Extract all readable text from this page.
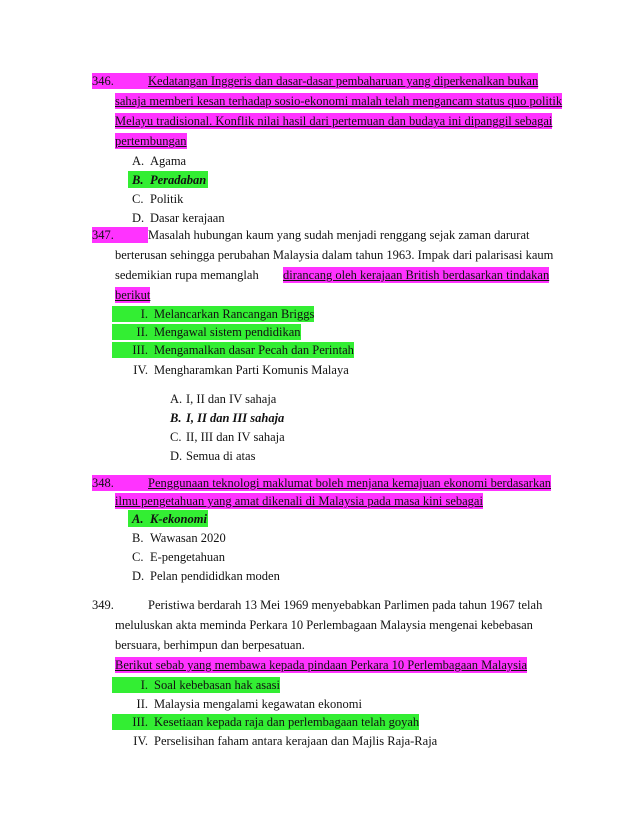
346.	Kedatangan Inggeris dan dasar-dasar pembaharuan yang diperkenalkan bukan
sahaja memberi kesan terhadap sosio-ekonomi malah telah mengancam status quo politik
Melayu tradisional. Konflik nilai hasil dari pertemuan dan budaya ini dipanggil sebagai
pertembungan
A. Agama
B. Peradaban
C. Politik
D. Dasar kerajaan
347.	Masalah hubungan kaum yang sudah menjadi renggang sejak zaman darurat
berterusan sehingga perubahan Malaysia dalam tahun 1963. Impak dari palarisasi kaum
sedemikian rupa memanglah dirancang oleh kerajaan British berdasarkan tindakan
berikut
I. Melancarkan Rancangan Briggs
II. Mengawal sistem pendidikan
III. Mengamalkan dasar Pecah dan Perintah
IV. Mengharamkan Parti Komunis Malaya
A. I, II dan IV sahaja
B. I, II dan III sahaja
C. II, III dan IV sahaja
D. Semua di atas
348.	Penggunaan teknologi maklumat boleh menjana kemajuan ekonomi berdasarkan
ilmu pengetahuan yang amat dikenali di Malaysia pada masa kini sebagai
A. K-ekonomi
B. Wawasan 2020
C. E-pengetahuan
D. Pelan pendididkan moden
349.	Peristiwa berdarah 13 Mei 1969 menyebabkan Parlimen pada tahun 1967 telah
meluluskan akta meminda Perkara 10 Perlembagaan Malaysia mengenai kebebasan
bersuara, berhimpun dan berpesatuan.
Berikut sebab yang membawa kepada pindaan Perkara 10 Perlembagaan Malaysia
I. Soal kebebasan hak asasi
II. Malaysia mengalami kegawatan ekonomi
III. Kesetiaan kepada raja dan perlembagaan telah goyah
IV. Perselisihan faham antara kerajaan dan Majlis Raja-Raja
